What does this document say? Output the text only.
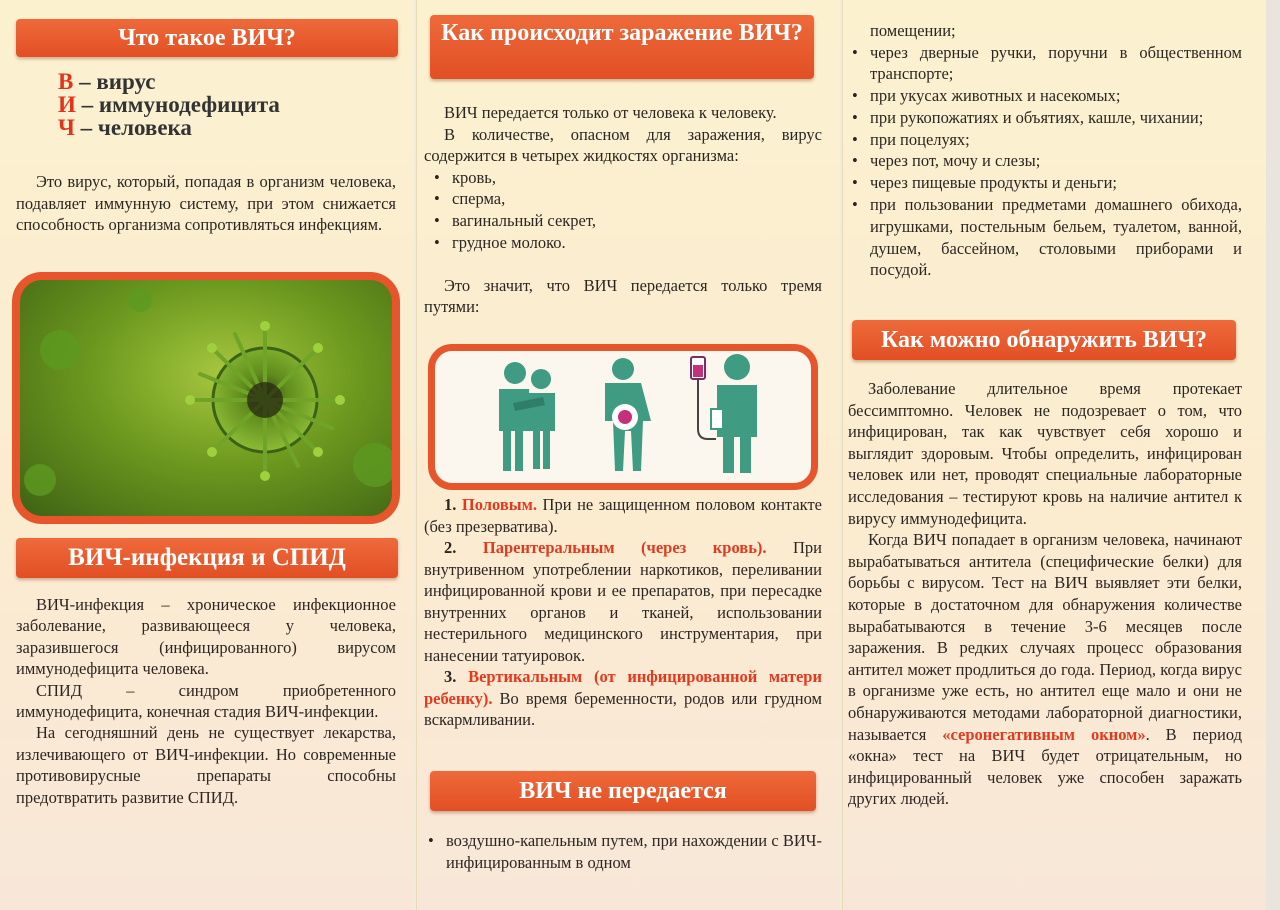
Что такое ВИЧ?
В – вирус
И – иммунодефицита
Ч – человека

Это вирус, который, попадая в организм человека, подавляет иммунную систему, при этом снижается способность организма сопротивляться инфекциям.

ВИЧ-инфекция и СПИД

ВИЧ-инфекция – хроническое инфекционное заболевание, развивающееся у человека, заразившегося (инфицированного) вирусом иммунодефицита человека.

СПИД – синдром приобретенного иммунодефицита, конечная стадия ВИЧ-инфекции.

На сегодняшний день не существует лекарства, излечивающего от ВИЧ-инфекции. Но современные противовирусные препараты способны предотвратить развитие СПИД.

Как происходит заражение ВИЧ?

ВИЧ передается только от человека к человеку.

В количестве, опасном для заражения, вирус содержится в четырех жидкостях организма:

• кровь,
• сперма,
• вагинальный секрет,
• грудное молоко.

Это значит, что ВИЧ передается только тремя путями:

1. Половым. При не защищенном половом контакте (без презерватива).

2. Парентеральным (через кровь). При внутривенном употреблении наркотиков, переливании инфицированной крови и ее препаратов, при пересадке внутренних органов и тканей, использовании нестерильного медицинского инструментария, при нанесении татуировок.

3. Вертикальным (от инфицированной матери ребенку). Во время беременности, родов или грудном вскармливании.

ВИЧ не передается
• воздушно-капельным путем, при нахождении с ВИЧ-инфицированным в одном

помещении;

• через дверные ручки, поручни в общественном транспорте;
• при укусах животных и насекомых;
• при рукопожатиях и объятиях, кашле, чихании;
• при поцелуях;
• через пот, мочу и слезы;
• через пищевые продукты и деньги;
• при пользовании предметами домашнего обихода, игрушками, постельным бельем, туалетом, ванной, душем, бассейном, столовыми приборами и посудой.
Как можно обнаружить ВИЧ?

Заболевание длительное время протекает бессимптомно. Человек не подозревает о том, что инфицирован, так как чувствует себя хорошо и выглядит здоровым. Чтобы определить, инфицирован человек или нет, проводят специальные лабораторные исследования – тестируют кровь на наличие антител к вирусу иммунодефицита.

Когда ВИЧ попадает в организм человека, начинают вырабатываться антитела (специфические белки) для борьбы с вирусом. Тест на ВИЧ выявляет эти белки, которые в достаточном для обнаружения количестве вырабатываются в течение 3-6 месяцев после заражения. В редких случаях процесс образования антител может продлиться до года. Период, когда вирус в организме уже есть, но антител еще мало и они не обнаруживаются методами лабораторной диагностики, называется «серонегативным окном». В период «окна» тест на ВИЧ будет отрицательным, но инфицированный человек уже способен заражать других людей.
